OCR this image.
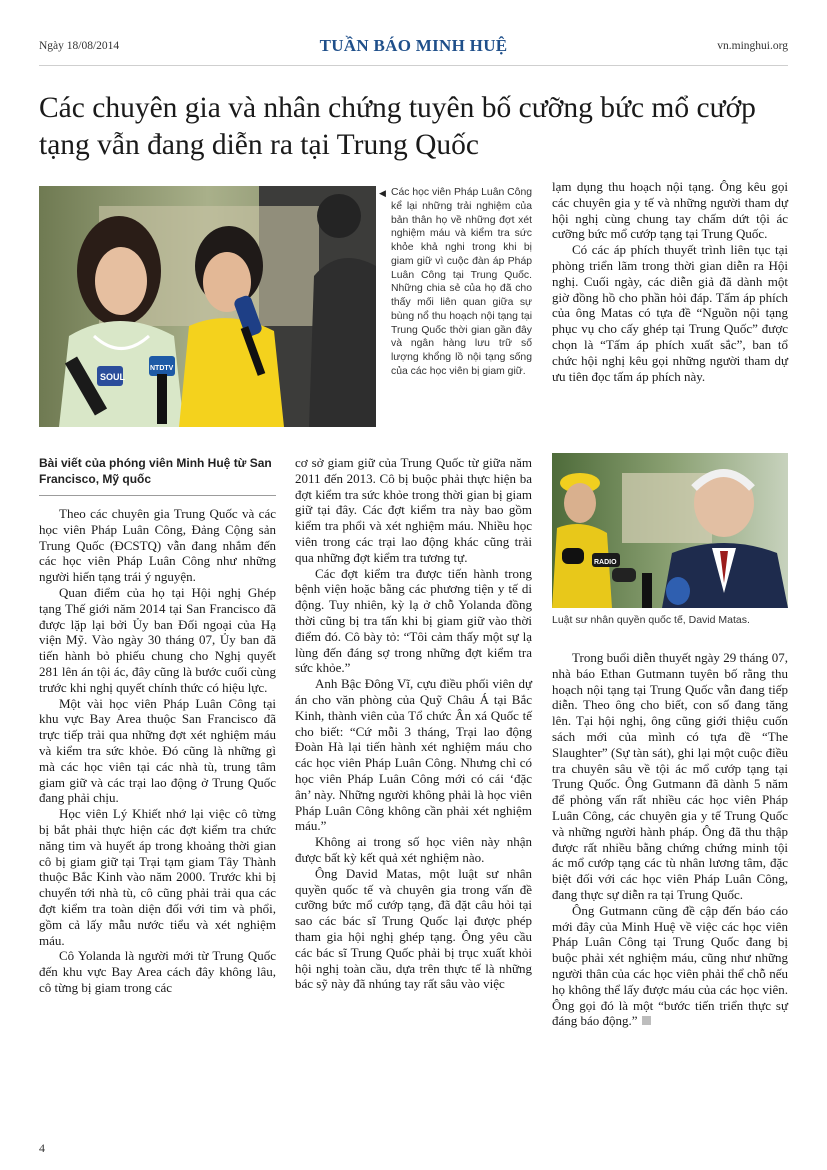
Ngày 18/08/2014	TUẦN BÁO MINH HUỆ	vn.minghui.org
Các chuyên gia và nhân chứng tuyên bố cưỡng bức mổ cướp tạng vẫn đang diễn ra tại Trung Quốc
SOUL
NTDTV
◀ Các học viên Pháp Luân Công kể lại những trải nghiệm của bản thân họ về những đợt xét nghiệm máu và kiểm tra sức khỏe khả nghi trong khi bị giam giữ vì cuộc đàn áp Pháp Luân Công tại Trung Quốc. Những chia sẻ của họ đã cho thấy mối liên quan giữa sự bùng nổ thu hoạch nội tạng tại Trung Quốc thời gian gần đây và ngân hàng lưu trữ số lượng khổng lồ nội tạng sống của các học viên bị giam giữ.
Bài viết của phóng viên Minh Huệ từ San Francisco, Mỹ quốc

Theo các chuyên gia Trung Quốc và các học viên Pháp Luân Công, Đảng Cộng sản Trung Quốc (ĐCSTQ) vẫn đang nhắm đến các học viên Pháp Luân Công như những người hiến tạng trái ý nguyện.

Quan điểm của họ tại Hội nghị Ghép tạng Thế giới năm 2014 tại San Francisco đã được lặp lại bởi Ủy ban Đối ngoại của Hạ viện Mỹ. Vào ngày 30 tháng 07, Ủy ban đã tiến hành bỏ phiếu chung cho Nghị quyết 281 lên án tội ác, đây cũng là bước cuối cùng trước khi nghị quyết chính thức có hiệu lực.

Một vài học viên Pháp Luân Công tại khu vực Bay Area thuộc San Francisco đã trực tiếp trải qua những đợt xét nghiệm máu và kiểm tra sức khỏe. Đó cũng là những gì mà các học viên tại các nhà tù, trung tâm giam giữ và các trại lao động ở Trung Quốc đang phải chịu.

Học viên Lý Khiết nhớ lại việc cô từng bị bắt phải thực hiện các đợt kiểm tra chức năng tim và huyết áp trong khoảng thời gian cô bị giam giữ tại Trại tạm giam Tây Thành thuộc Bắc Kinh vào năm 2000. Trước khi bị chuyển tới nhà tù, cô cũng phải trải qua các đợt kiểm tra toàn diện đối với tim và phổi, gồm cả lấy mẫu nước tiểu và xét nghiệm máu.

Cô Yolanda là người mới từ Trung Quốc đến khu vực Bay Area cách đây không lâu, cô từng bị giam trong các

cơ sở giam giữ của Trung Quốc từ giữa năm 2011 đến 2013. Cô bị buộc phải thực hiện ba đợt kiểm tra sức khỏe trong thời gian bị giam giữ tại đây. Các đợt kiểm tra này bao gồm kiểm tra phổi và xét nghiệm máu. Nhiều học viên trong các trại lao động khác cũng trải qua những đợt kiểm tra tương tự.

Các đợt kiểm tra được tiến hành trong bệnh viện hoặc bằng các phương tiện y tế di động. Tuy nhiên, kỳ lạ ở chỗ Yolanda đồng thời cũng bị tra tấn khi bị giam giữ vào thời điểm đó. Cô bày tỏ: “Tôi cảm thấy một sự lạ lùng đến đáng sợ trong những đợt kiểm tra sức khỏe.”

Anh Bậc Đông Vĩ, cựu điều phối viên dự án cho văn phòng của Quỹ Châu Á tại Bắc Kinh, thành viên của Tổ chức Ân xá Quốc tế cho biết: “Cứ mỗi 3 tháng, Trại lao động Đoàn Hà lại tiến hành xét nghiệm máu cho các học viên Pháp Luân Công. Nhưng chỉ có học viên Pháp Luân Công mới có cái ‘đặc ân’ này. Những người không phải là học viên Pháp Luân Công không cần phải xét nghiệm máu.”

Không ai trong số học viên này nhận được bất kỳ kết quả xét nghiệm nào.

Ông David Matas, một luật sư nhân quyền quốc tế và chuyên gia trong vấn đề cưỡng bức mổ cướp tạng, đã đặt câu hỏi tại sao các bác sĩ Trung Quốc lại được phép tham gia hội nghị ghép tạng. Ông yêu cầu các bác sĩ Trung Quốc phải bị trục xuất khỏi hội nghị toàn cầu, dựa trên thực tế là những bác sỹ này đã nhúng tay rất sâu vào việc

lạm dụng thu hoạch nội tạng. Ông kêu gọi các chuyên gia y tế và những người tham dự hội nghị cùng chung tay chấm dứt tội ác cưỡng bức mổ cướp tạng tại Trung Quốc.

Có các áp phích thuyết trình liên tục tại phòng triển lãm trong thời gian diễn ra Hội nghị. Cuối ngày, các diễn giả đã dành một giờ đồng hồ cho phần hỏi đáp. Tấm áp phích của ông Matas có tựa đề “Nguồn nội tạng phục vụ cho cấy ghép tại Trung Quốc” được chọn là “Tấm áp phích xuất sắc”, ban tổ chức hội nghị kêu gọi những người tham dự ưu tiên đọc tấm áp phích này.

RADIO
Luật sư nhân quyền quốc tế, David Matas.

Trong buổi diễn thuyết ngày 29 tháng 07, nhà báo Ethan Gutmann tuyên bố rằng thu hoạch nội tạng tại Trung Quốc vẫn đang tiếp diễn. Theo ông cho biết, con số đang tăng lên. Tại hội nghị, ông cũng giới thiệu cuốn sách mới của mình có tựa đề “The Slaughter” (Sự tàn sát), ghi lại một cuộc điều tra chuyên sâu về tội ác mổ cướp tạng tại Trung Quốc. Ông Gutmann đã dành 5 năm để phỏng vấn rất nhiều các học viên Pháp Luân Công, các chuyên gia y tế Trung Quốc và những người hành pháp. Ông đã thu thập được rất nhiều bằng chứng chứng minh tội ác mổ cướp tạng các tù nhân lương tâm, đặc biệt đối với các học viên Pháp Luân Công, đang thực sự diễn ra tại Trung Quốc.

Ông Gutmann cũng đề cập đến báo cáo mới đây của Minh Huệ về việc các học viên Pháp Luân Công tại Trung Quốc đang bị buộc phải xét nghiệm máu, cũng như những người thân của các học viên phải thể chỗ nếu họ không thể lấy được máu của các học viên. Ông gọi đó là một “bước tiến triển thực sự đáng báo động.”

4
